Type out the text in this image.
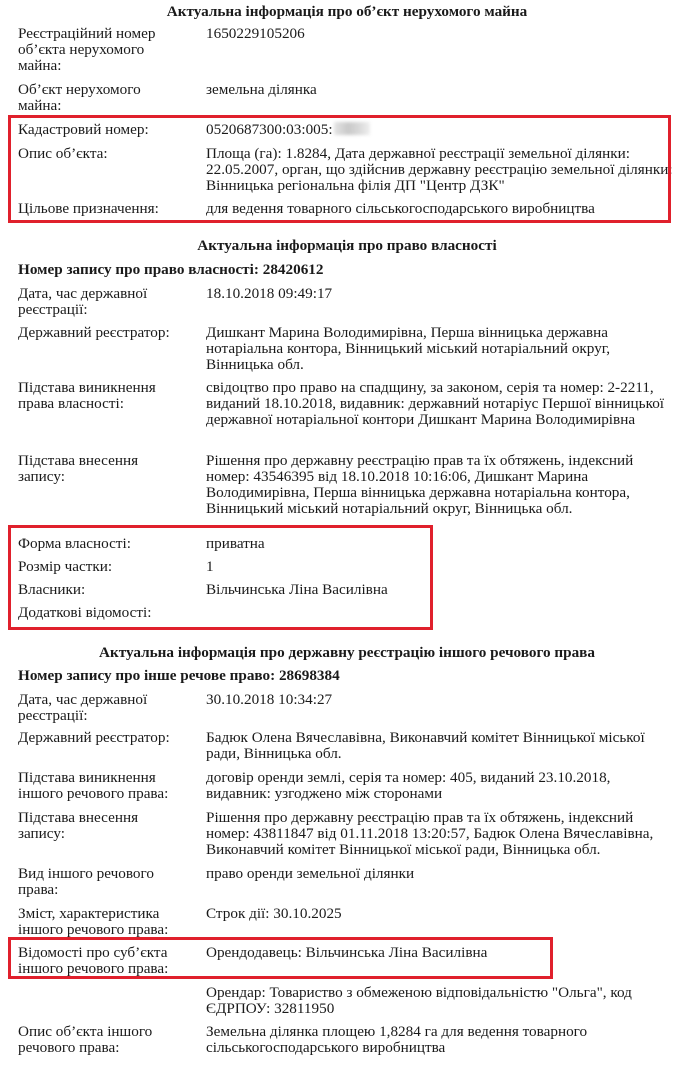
Актуальна інформація про об’єкт нерухомого майна
Реєстраційний номер об’єкта нерухомого майна:
1650229105206
Об’єкт нерухомого майна:
земельна ділянка
Кадастровий номер:	0520687300:03:005:
Опис об’єкта:	Площа (га): 1.8284, Дата державної реєстрації земельної ділянки: 22.05.2007, орган, що здійснив державну реєстрацію земельної ділянки: Вінницька регіональна філія ДП "Центр ДЗК"
Цільове призначення:	для ведення товарного сільськогосподарського виробництва
Актуальна інформація про право власності
Номер запису про право власності: 28420612
Дата, час державної реєстрації:
18.10.2018 09:49:17
Державний реєстратор:	Дишкант Марина Володимирівна, Перша вінницька державна нотаріальна контора, Вінницький міський нотаріальний округ, Вінницька обл.
Підстава виникнення права власності:
свідоцтво про право на спадщину, за законом, серія та номер: 2-2211, виданий 18.10.2018, видавник: державний нотаріус Першої вінницької державної нотаріальної контори Дишкант Марина Володимирівна
Підстава внесення запису:
Рішення про державну реєстрацію прав та їх обтяжень, індексний номер: 43546395 від 18.10.2018 10:16:06, Дишкант Марина Володимирівна, Перша вінницька державна нотаріальна контора, Вінницький міський нотаріальний округ, Вінницька обл.
Форма власності:	приватна
Розмір частки:	1
Власники:	Вільчинська Ліна Василівна
Додаткові відомості:
Актуальна інформація про державну реєстрацію іншого речового права
Номер запису про інше речове право: 28698384
Дата, час державної реєстрації:
30.10.2018 10:34:27
Державний реєстратор:	Бадюк Олена Вячеславівна, Виконавчий комітет Вінницької міської ради, Вінницька обл.
Підстава виникнення іншого речового права:
договір оренди землі, серія та номер: 405, виданий 23.10.2018, видавник: узгоджено між сторонами
Підстава внесення запису:
Рішення про державну реєстрацію прав та їх обтяжень, індексний номер: 43811847 від 01.11.2018 13:20:57, Бадюк Олена Вячеславівна, Виконавчий комітет Вінницької міської ради, Вінницька обл.
Вид іншого речового права:
право оренди земельної ділянки
Зміст, характеристика іншого речового права:
Строк дії: 30.10.2025
Відомості про суб’єкта іншого речового права:
Орендодавець: Вільчинська Ліна Василівна
Орендар: Товариство з обмеженою відповідальністю "Ольга", код ЄДРПОУ: 32811950
Опис об’єкта іншого речового права:
Земельна ділянка площею 1,8284 га для ведення товарного сільськогосподарського виробництва
